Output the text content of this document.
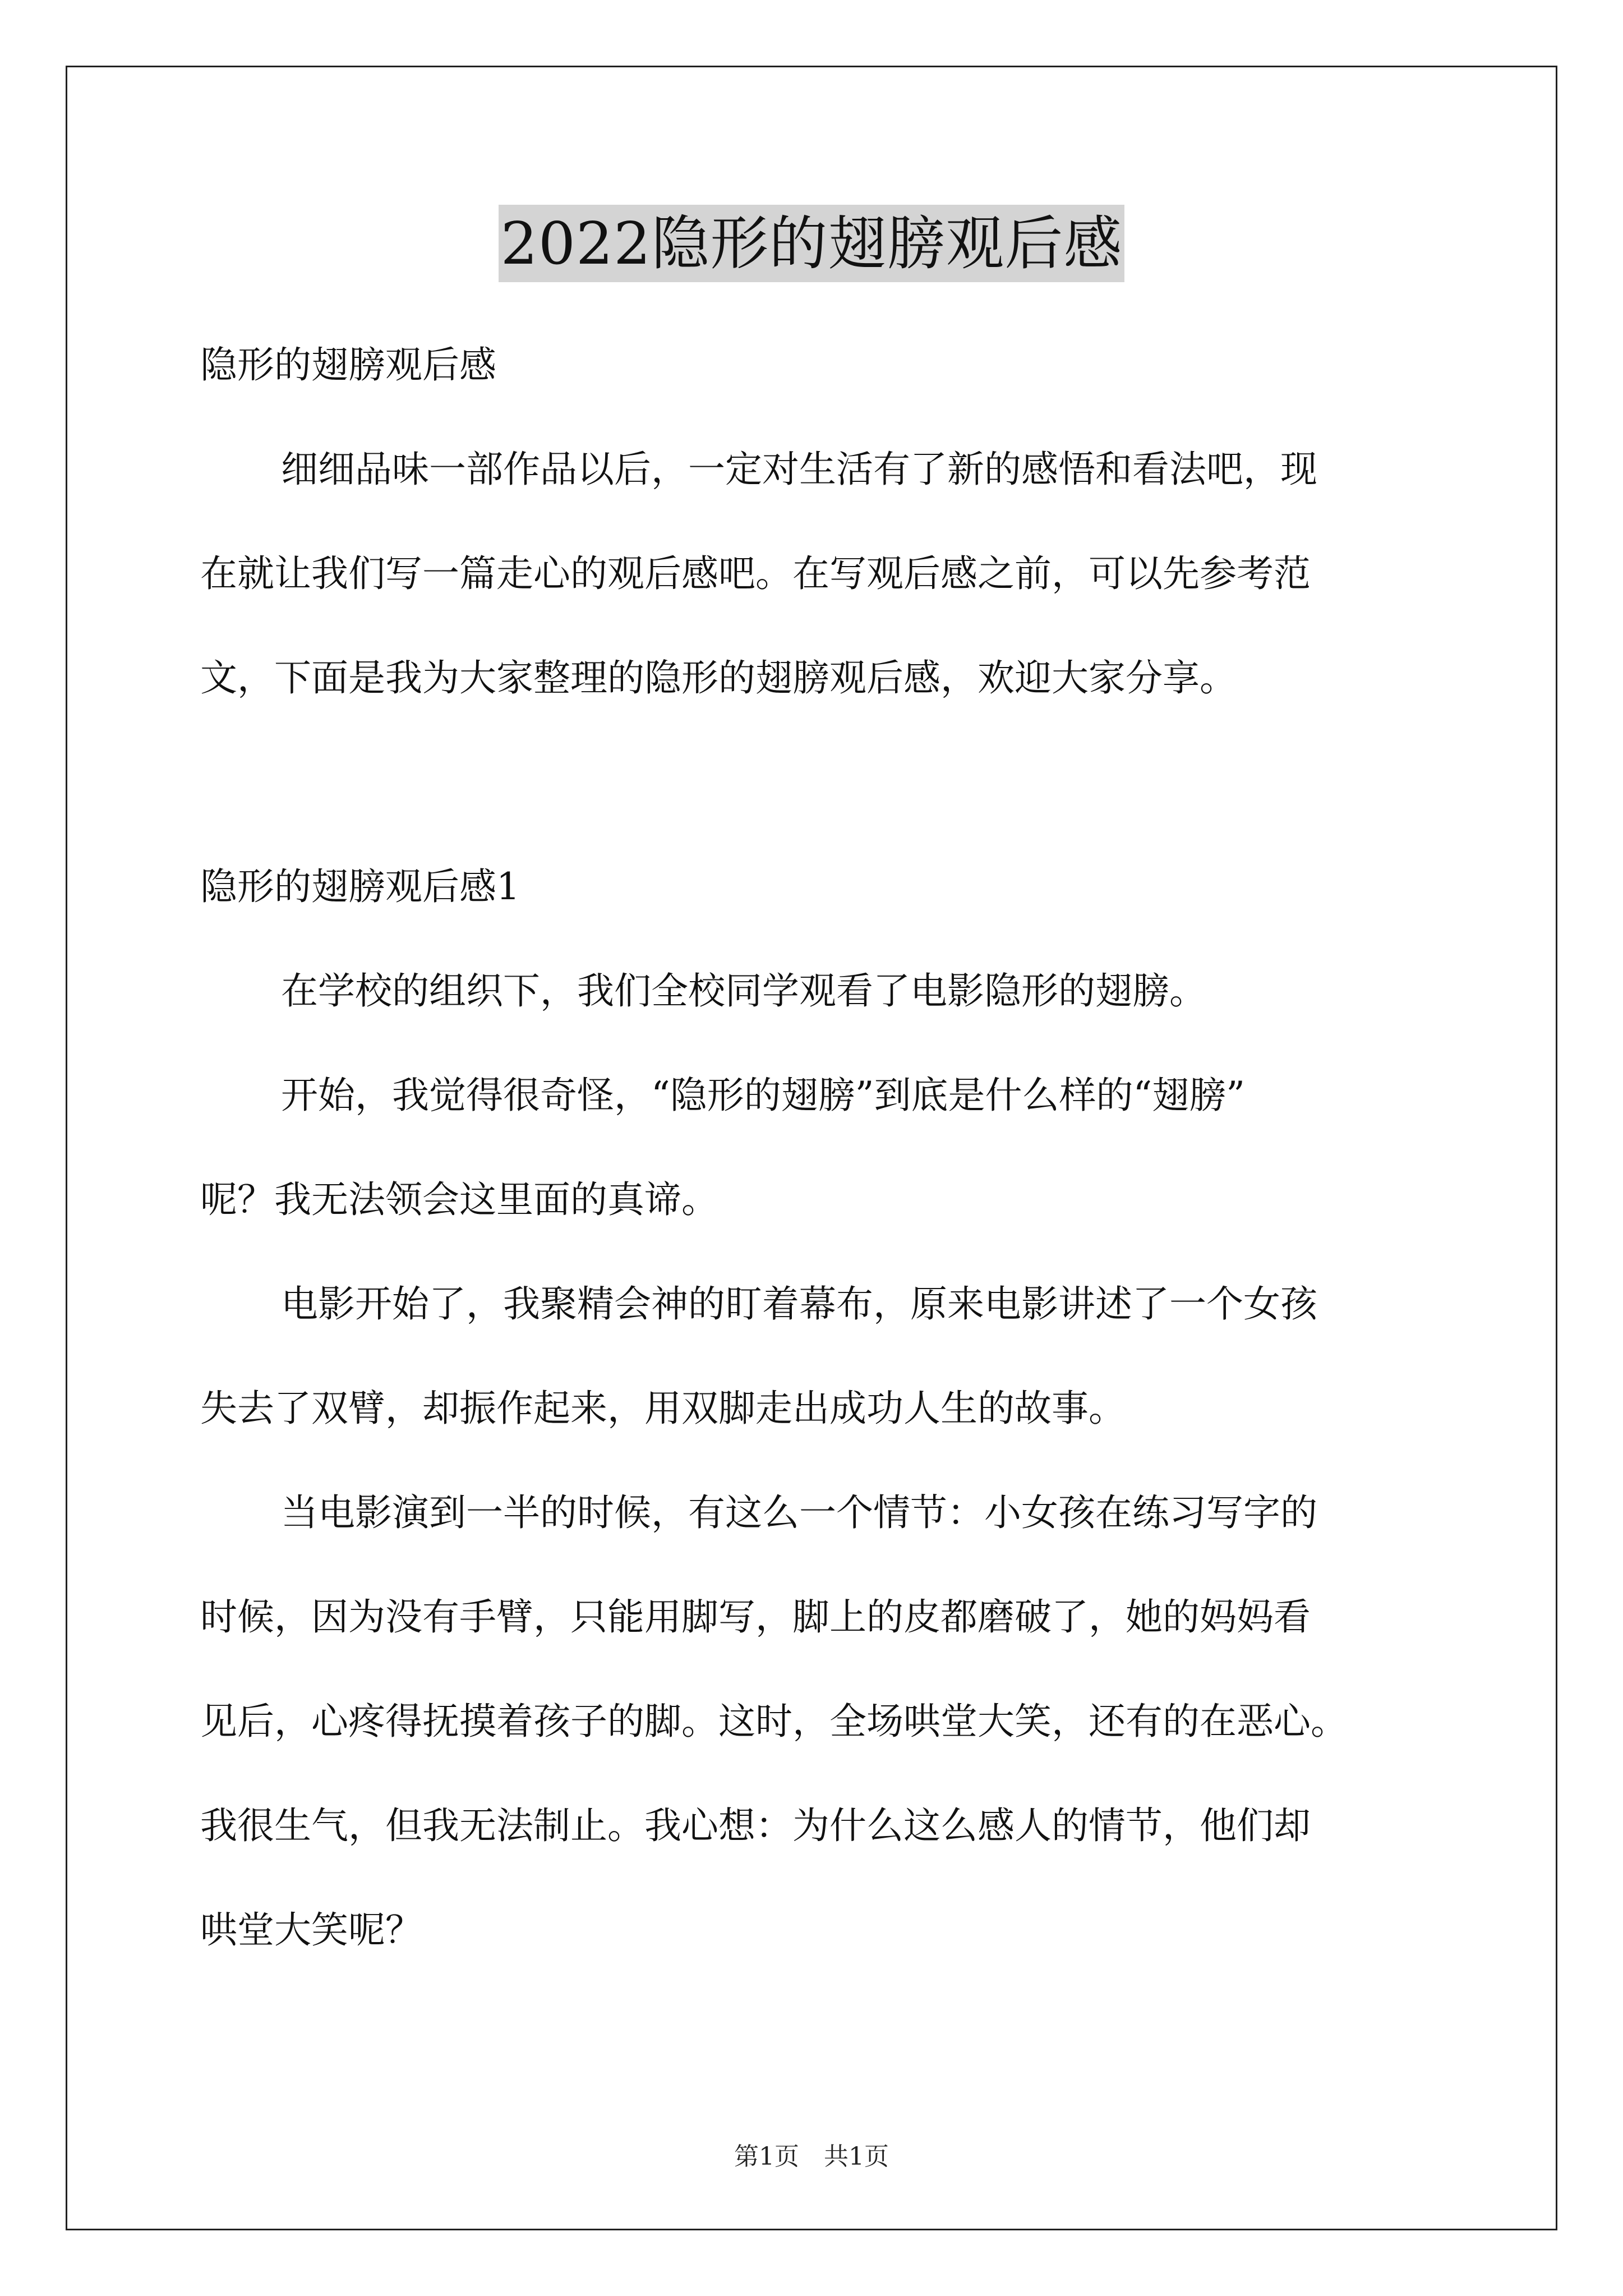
2022隐形的翅膀观后感
隐形的翅膀观后感
细细品味一部作品以后，一定对生活有了新的感悟和看法吧，现
在就让我们写一篇走心的观后感吧。在写观后感之前，可以先参考范
文，下面是我为大家整理的隐形的翅膀观后感，欢迎大家分享。
隐形的翅膀观后感1
在学校的组织下，我们全校同学观看了电影隐形的翅膀。
开始，我觉得很奇怪，“隐形的翅膀”到底是什么样的“翅膀”
呢？我无法领会这里面的真谛。
电影开始了，我聚精会神的盯着幕布，原来电影讲述了一个女孩
失去了双臂，却振作起来，用双脚走出成功人生的故事。
当电影演到一半的时候，有这么一个情节：小女孩在练习写字的
时候，因为没有手臂，只能用脚写，脚上的皮都磨破了，她的妈妈看
见后，心疼得抚摸着孩子的脚。这时，全场哄堂大笑，还有的在恶心。
我很生气，但我无法制止。我心想：为什么这么感人的情节，他们却
哄堂大笑呢？
第1页　共1页
